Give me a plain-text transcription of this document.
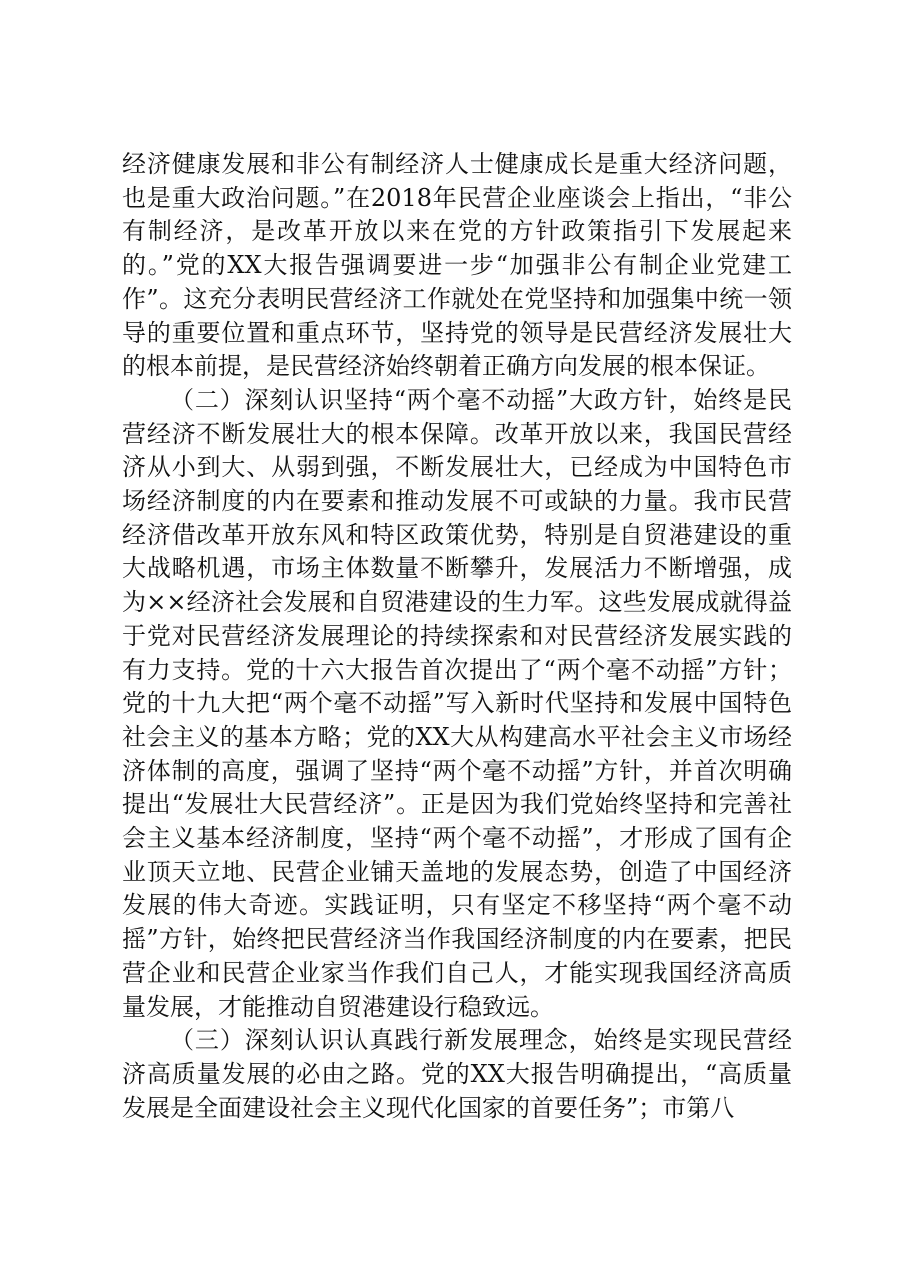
经济健康发展和非公有制经济人士健康成长是重大经济问题，也是重大政治问题。”在2018年民营企业座谈会上指出，“非公有制经济，是改革开放以来在党的方针政策指引下发展起来的。”党的XX大报告强调要进一步“加强非公有制企业党建工作”。这充分表明民营经济工作就处在党坚持和加强集中统一领导的重要位置和重点环节，坚持党的领导是民营经济发展壮大的根本前提，是民营经济始终朝着正确方向发展的根本保证。

（二）深刻认识坚持“两个毫不动摇”大政方针，始终是民营经济不断发展壮大的根本保障。改革开放以来，我国民营经济从小到大、从弱到强，不断发展壮大，已经成为中国特色市场经济制度的内在要素和推动发展不可或缺的力量。我市民营经济借改革开放东风和特区政策优势，特别是自贸港建设的重大战略机遇，市场主体数量不断攀升，发展活力不断增强，成为××经济社会发展和自贸港建设的生力军。这些发展成就得益于党对民营经济发展理论的持续探索和对民营经济发展实践的有力支持。党的十六大报告首次提出了“两个毫不动摇”方针；党的十九大把“两个毫不动摇”写入新时代坚持和发展中国特色社会主义的基本方略；党的XX大从构建高水平社会主义市场经济体制的高度，强调了坚持“两个毫不动摇”方针，并首次明确提出“发展壮大民营经济”。正是因为我们党始终坚持和完善社会主义基本经济制度，坚持“两个毫不动摇”，才形成了国有企业顶天立地、民营企业铺天盖地的发展态势，创造了中国经济发展的伟大奇迹。实践证明，只有坚定不移坚持“两个毫不动摇”方针，始终把民营经济当作我国经济制度的内在要素，把民营企业和民营企业家当作我们自己人，才能实现我国经济高质量发展，才能推动自贸港建设行稳致远。

（三）深刻认识认真践行新发展理念，始终是实现民营经济高质量发展的必由之路。党的XX大报告明确提出，“高质量发展是全面建设社会主义现代化国家的首要任务”；市第八
